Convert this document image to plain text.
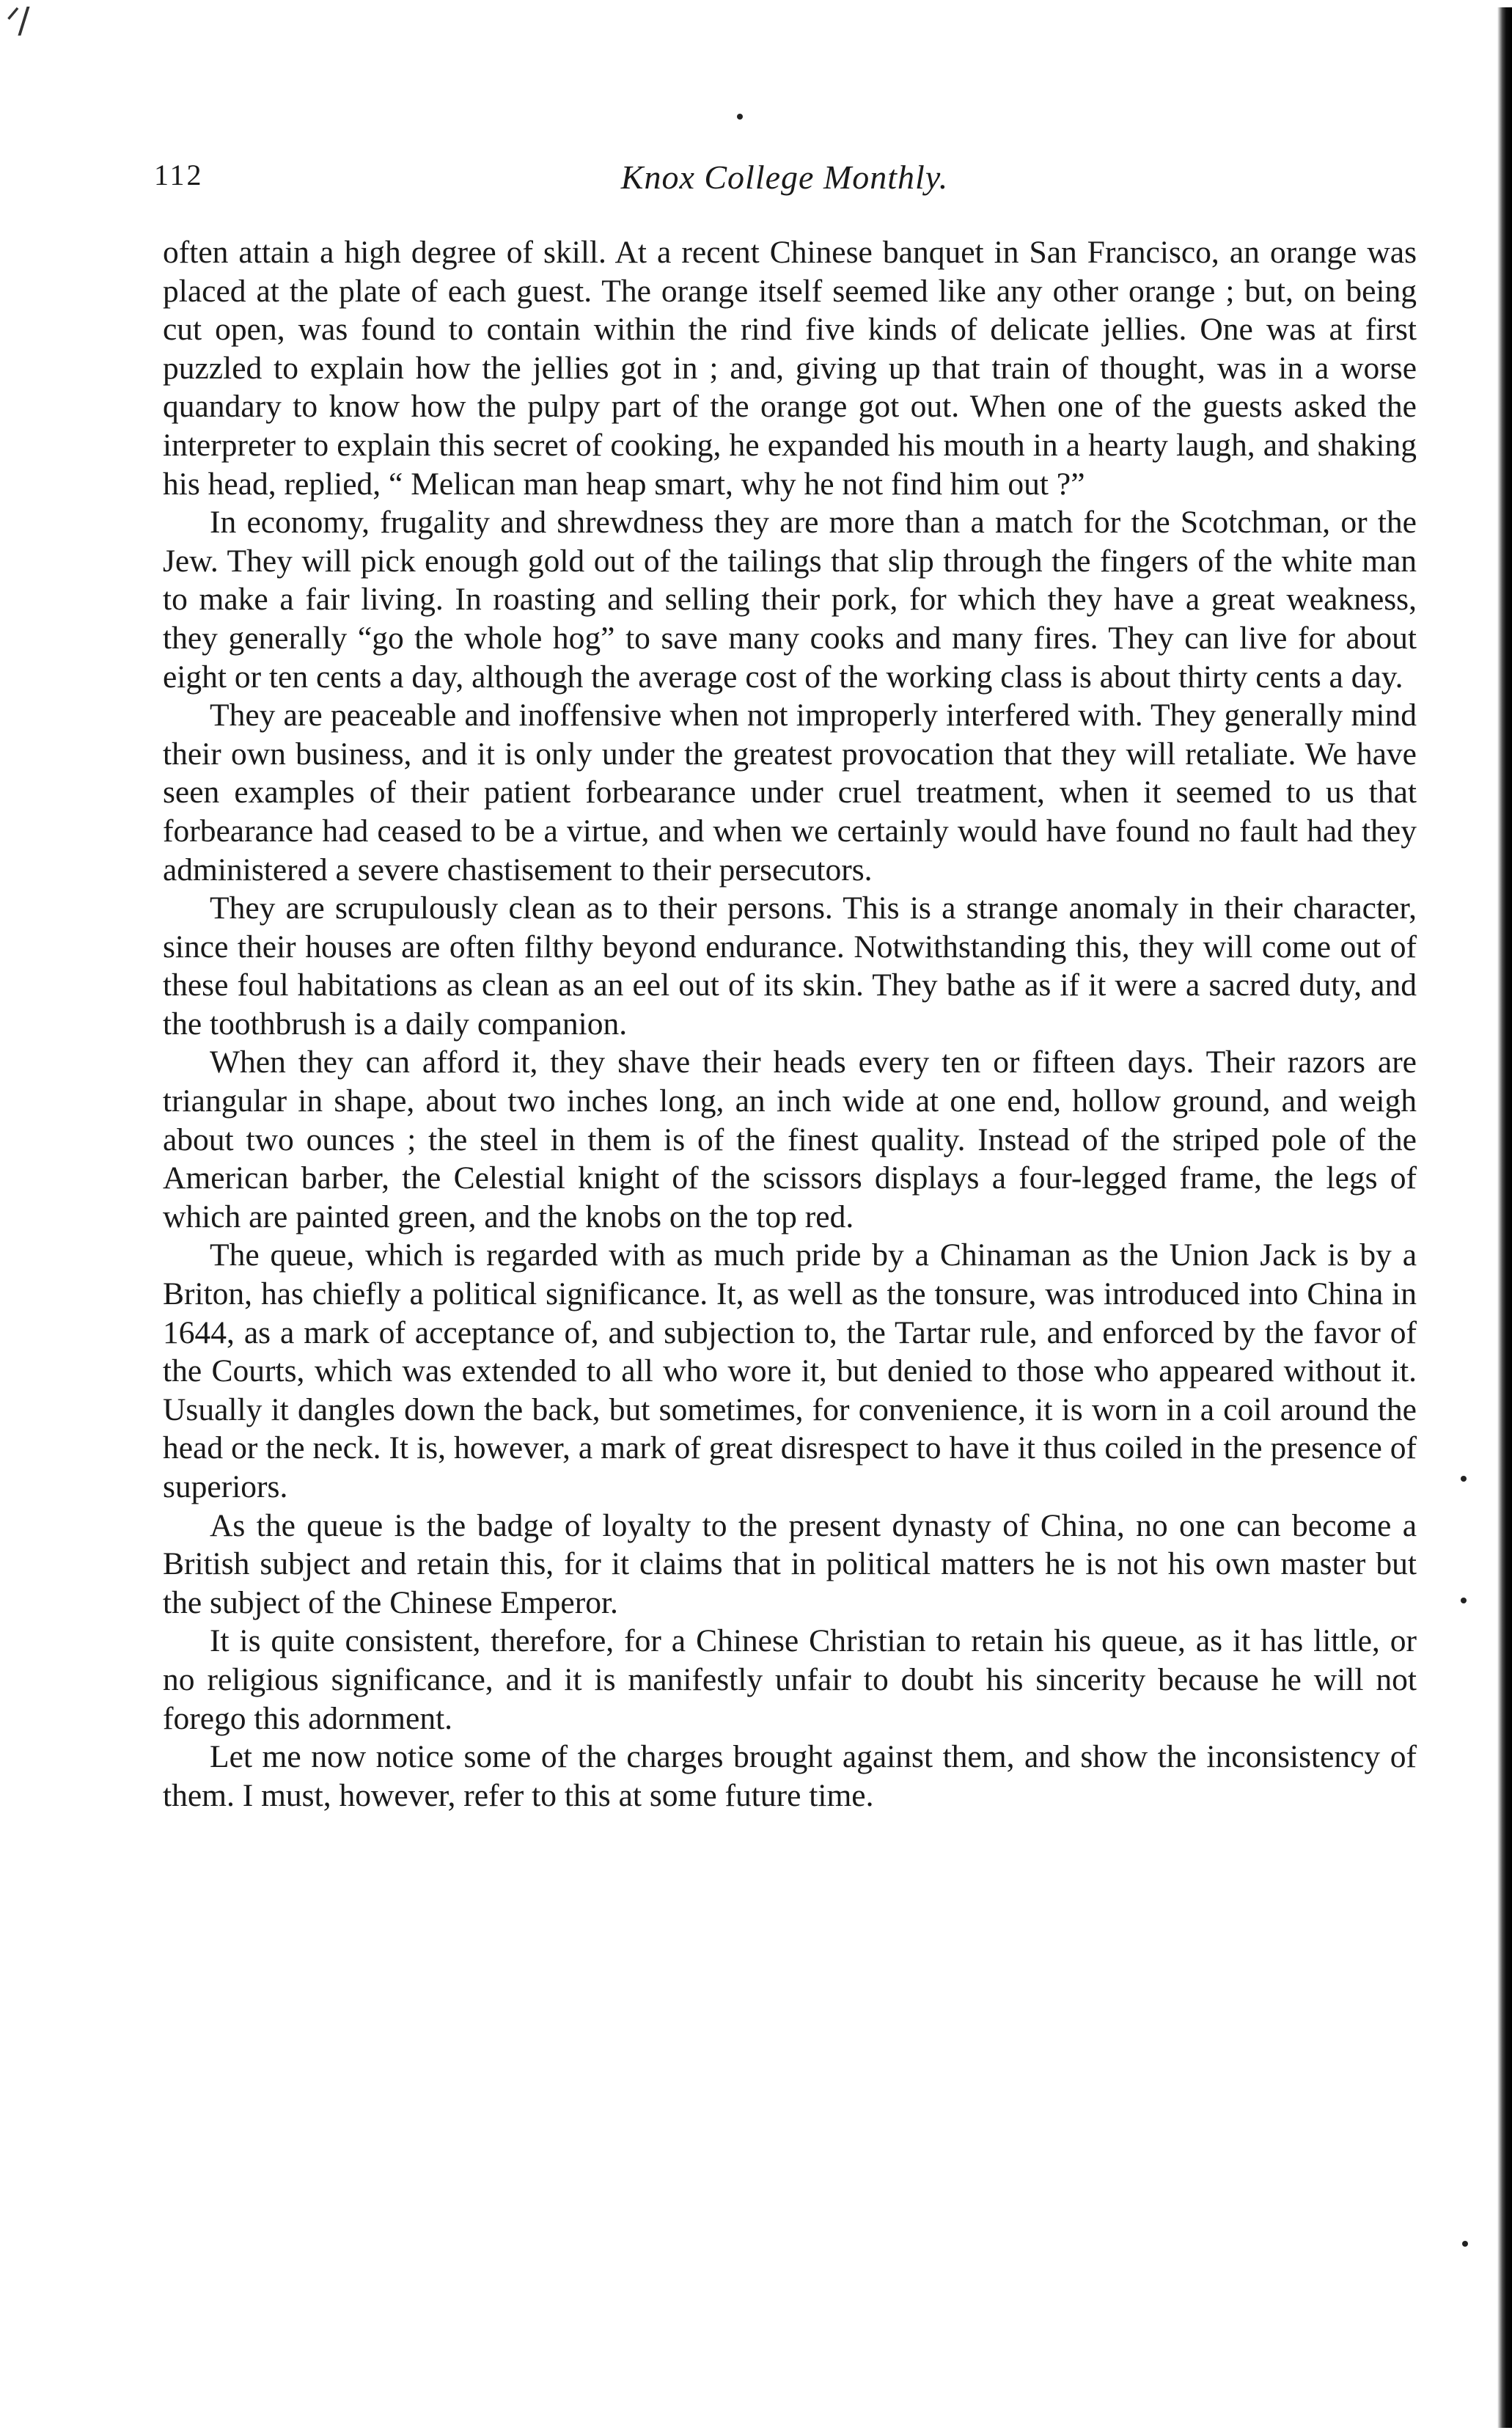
ᐟ/
112	Knox College Monthly.

often attain a high degree of skill. At a recent Chinese banquet in San Francisco, an orange was placed at the plate of each guest. The orange itself seemed like any other orange ; but, on being cut open, was found to contain within the rind five kinds of delicate jellies. One was at first puzzled to explain how the jellies got in ; and, giving up that train of thought, was in a worse quandary to know how the pulpy part of the orange got out. When one of the guests asked the interpreter to explain this secret of cooking, he expanded his mouth in a hearty laugh, and shaking his head, replied, “ Melican man heap smart, why he not find him out ?”

In economy, frugality and shrewdness they are more than a match for the Scotchman, or the Jew. They will pick enough gold out of the tailings that slip through the fingers of the white man to make a fair living. In roasting and selling their pork, for which they have a great weakness, they generally “go the whole hog” to save many cooks and many fires. They can live for about eight or ten cents a day, although the average cost of the working class is about thirty cents a day.

They are peaceable and inoffensive when not improperly interfered with. They generally mind their own business, and it is only under the greatest provocation that they will retaliate. We have seen examples of their patient forbearance under cruel treatment, when it seemed to us that forbearance had ceased to be a virtue, and when we certainly would have found no fault had they administered a severe chastisement to their persecutors.

They are scrupulously clean as to their persons. This is a strange anomaly in their character, since their houses are often filthy beyond endurance. Notwithstanding this, they will come out of these foul habitations as clean as an eel out of its skin. They bathe as if it were a sacred duty, and the toothbrush is a daily companion.

When they can afford it, they shave their heads every ten or fifteen days. Their razors are triangular in shape, about two inches long, an inch wide at one end, hollow ground, and weigh about two ounces ; the steel in them is of the finest quality. Instead of the striped pole of the American barber, the Celestial knight of the scissors displays a four-legged frame, the legs of which are painted green, and the knobs on the top red.

The queue, which is regarded with as much pride by a Chinaman as the Union Jack is by a Briton, has chiefly a political significance. It, as well as the tonsure, was introduced into China in 1644, as a mark of acceptance of, and subjection to, the Tartar rule, and enforced by the favor of the Courts, which was extended to all who wore it, but denied to those who appeared without it. Usually it dangles down the back, but sometimes, for convenience, it is worn in a coil around the head or the neck. It is, however, a mark of great disrespect to have it thus coiled in the presence of superiors.

As the queue is the badge of loyalty to the present dynasty of China, no one can become a British subject and retain this, for it claims that in political matters he is not his own master but the subject of the Chinese Emperor.

It is quite consistent, therefore, for a Chinese Christian to retain his queue, as it has little, or no religious significance, and it is manifestly unfair to doubt his sincerity because he will not forego this adornment.

Let me now notice some of the charges brought against them, and show the inconsistency of them. I must, however, refer to this at some future time.
